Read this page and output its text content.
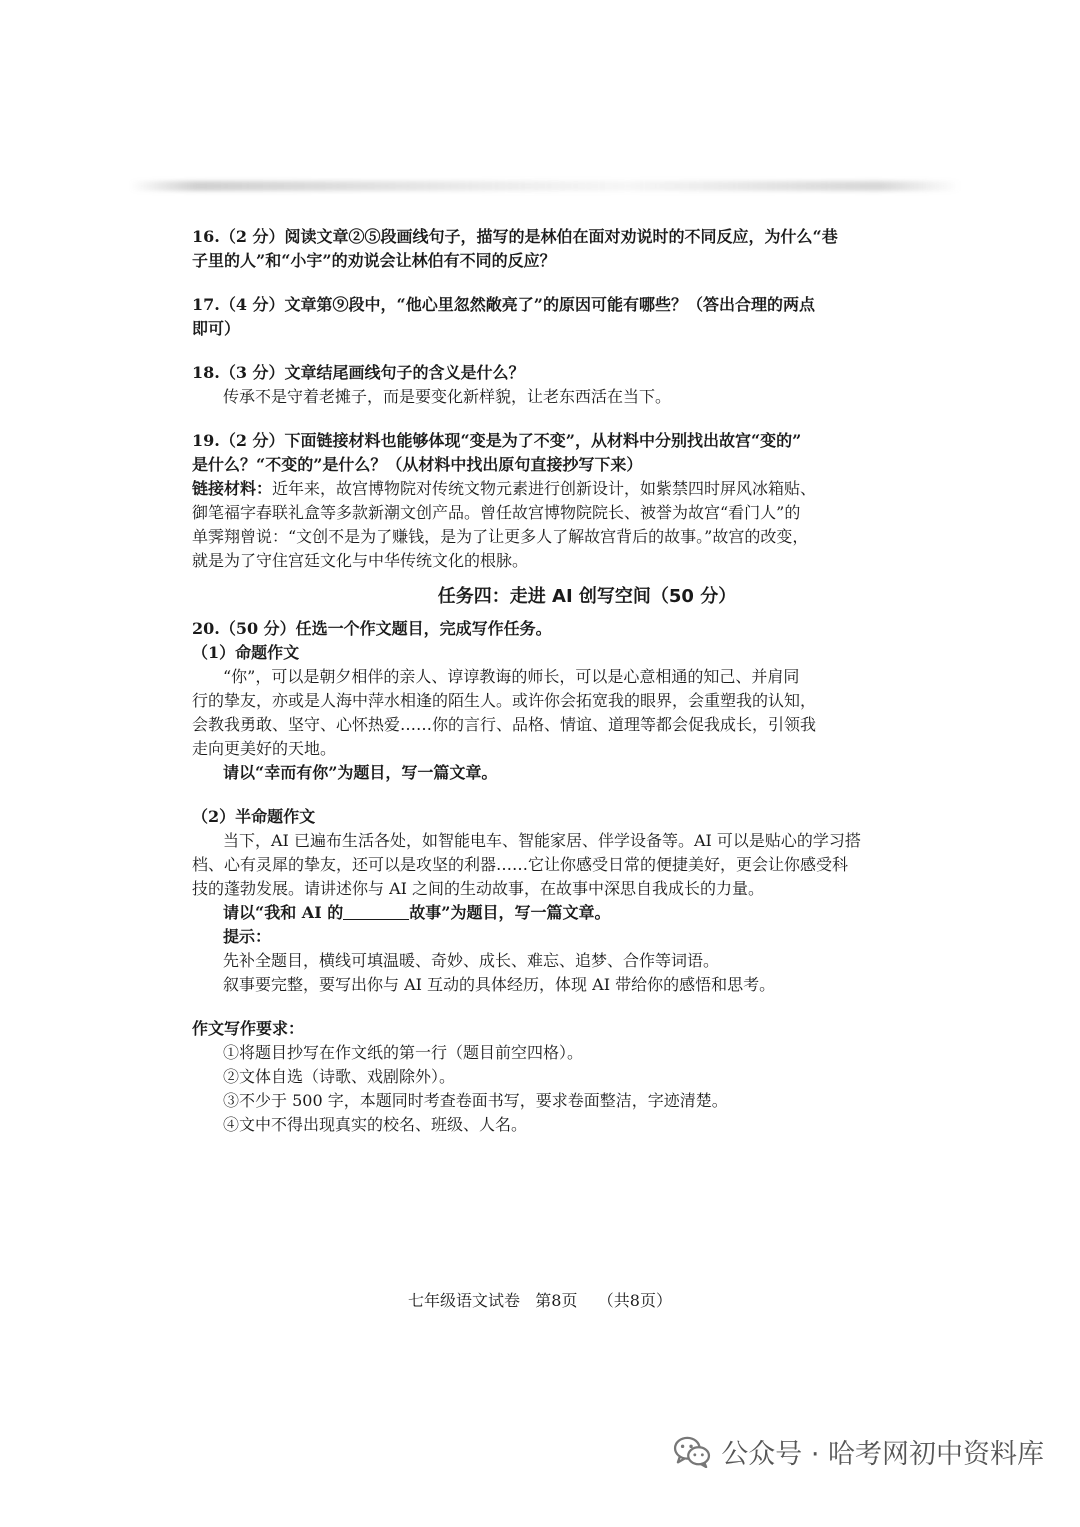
16.（2 分）阅读文章②⑤段画线句子，描写的是林伯在面对劝说时的不同反应，为什么“巷
子里的人”和“小宇”的劝说会让林伯有不同的反应？
17.（4 分）文章第⑨段中，“他心里忽然敞亮了”的原因可能有哪些？（答出合理的两点
即可）
18.（3 分）文章结尾画线句子的含义是什么？
传承不是守着老摊子，而是要变化新样貌，让老东西活在当下。
19.（2 分）下面链接材料也能够体现“变是为了不变”，从材料中分别找出故宫“变的”
是什么？“不变的”是什么？（从材料中找出原句直接抄写下来）
链接材料：近年来，故宫博物院对传统文物元素进行创新设计，如紫禁四时屏风冰箱贴、
御笔福字春联礼盒等多款新潮文创产品。曾任故宫博物院院长、被誉为故宫“看门人”的
单霁翔曾说：“文创不是为了赚钱，是为了让更多人了解故宫背后的故事。”故宫的改变，
就是为了守住宫廷文化与中华传统文化的根脉。
任务四：走进 AI 创写空间（50 分）
20.（50 分）任选一个作文题目，完成写作任务。
（1）命题作文
“你”，可以是朝夕相伴的亲人、谆谆教诲的师长，可以是心意相通的知己、并肩同
行的挚友，亦或是人海中萍水相逢的陌生人。或许你会拓宽我的眼界，会重塑我的认知，
会教我勇敢、坚守、心怀热爱……你的言行、品格、情谊、道理等都会促我成长，引领我
走向更美好的天地。
请以“幸而有你”为题目，写一篇文章。
（2）半命题作文
当下，AI 已遍布生活各处，如智能电车、智能家居、伴学设备等。AI 可以是贴心的学习搭
档、心有灵犀的挚友，还可以是攻坚的利器……它让你感受日常的便捷美好，更会让你感受科
技的蓬勃发展。请讲述你与 AI 之间的生动故事，在故事中深思自我成长的力量。
请以“我和 AI 的	故事”为题目，写一篇文章。
提示：
先补全题目，横线可填温暖、奇妙、成长、难忘、追梦、合作等词语。
叙事要完整，要写出你与 AI 互动的具体经历，体现 AI 带给你的感悟和思考。
作文写作要求：
①将题目抄写在作文纸的第一行（题目前空四格）。
②文体自选（诗歌、戏剧除外）。
③不少于 500 字，本题同时考查卷面书写，要求卷面整洁，字迹清楚。
④文中不得出现真实的校名、班级、人名。
七年级语文试卷   第8页    （共8页）
公众号 · 哈考网初中资料库
